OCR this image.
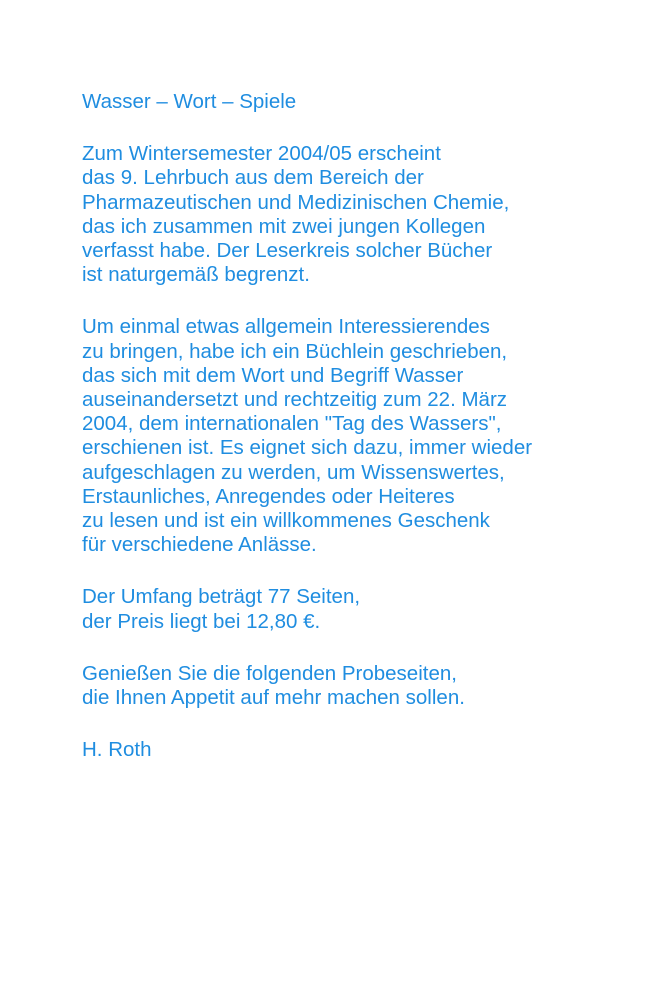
Wasser – Wort – Spiele
Zum Wintersemester 2004/05 erscheint
das 9. Lehrbuch aus dem Bereich der
Pharmazeutischen und Medizinischen Chemie,
das ich zusammen mit zwei jungen Kollegen
verfasst habe. Der Leserkreis solcher Bücher
ist naturgemäß begrenzt.
Um einmal etwas allgemein Interessierendes
zu bringen, habe ich ein Büchlein geschrieben,
das sich mit dem Wort und Begriff Wasser
auseinandersetzt und rechtzeitig zum 22. März
2004, dem internationalen "Tag des Wassers",
erschienen ist. Es eignet sich dazu, immer wieder
aufgeschlagen zu werden, um Wissenswertes,
Erstaunliches, Anregendes oder Heiteres
zu lesen und ist ein willkommenes Geschenk
für verschiedene Anlässe.
Der Umfang beträgt 77 Seiten,
der Preis liegt bei 12,80 €.
Genießen Sie die folgenden Probeseiten,
die Ihnen Appetit auf mehr machen sollen.
H. Roth
